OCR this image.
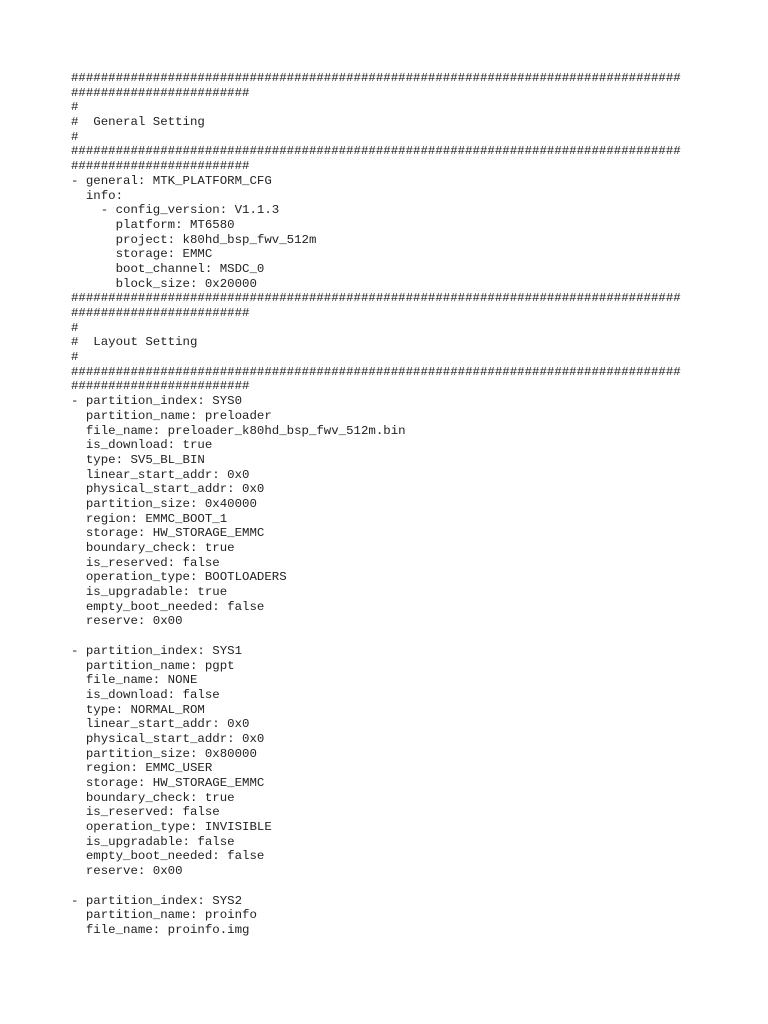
##################################################################################
########################
#
#  General Setting
#
##################################################################################
########################
- general: MTK_PLATFORM_CFG
info:
- config_version: V1.1.3
platform: MT6580
project: k80hd_bsp_fwv_512m
storage: EMMC
boot_channel: MSDC_0
block_size: 0x20000
##################################################################################
########################
#
#  Layout Setting
#
##################################################################################
########################
- partition_index: SYS0
partition_name: preloader
file_name: preloader_k80hd_bsp_fwv_512m.bin
is_download: true
type: SV5_BL_BIN
linear_start_addr: 0x0
physical_start_addr: 0x0
partition_size: 0x40000
region: EMMC_BOOT_1
storage: HW_STORAGE_EMMC
boundary_check: true
is_reserved: false
operation_type: BOOTLOADERS
is_upgradable: true
empty_boot_needed: false
reserve: 0x00
- partition_index: SYS1
partition_name: pgpt
file_name: NONE
is_download: false
type: NORMAL_ROM
linear_start_addr: 0x0
physical_start_addr: 0x0
partition_size: 0x80000
region: EMMC_USER
storage: HW_STORAGE_EMMC
boundary_check: true
is_reserved: false
operation_type: INVISIBLE
is_upgradable: false
empty_boot_needed: false
reserve: 0x00
- partition_index: SYS2
partition_name: proinfo
file_name: proinfo.img
